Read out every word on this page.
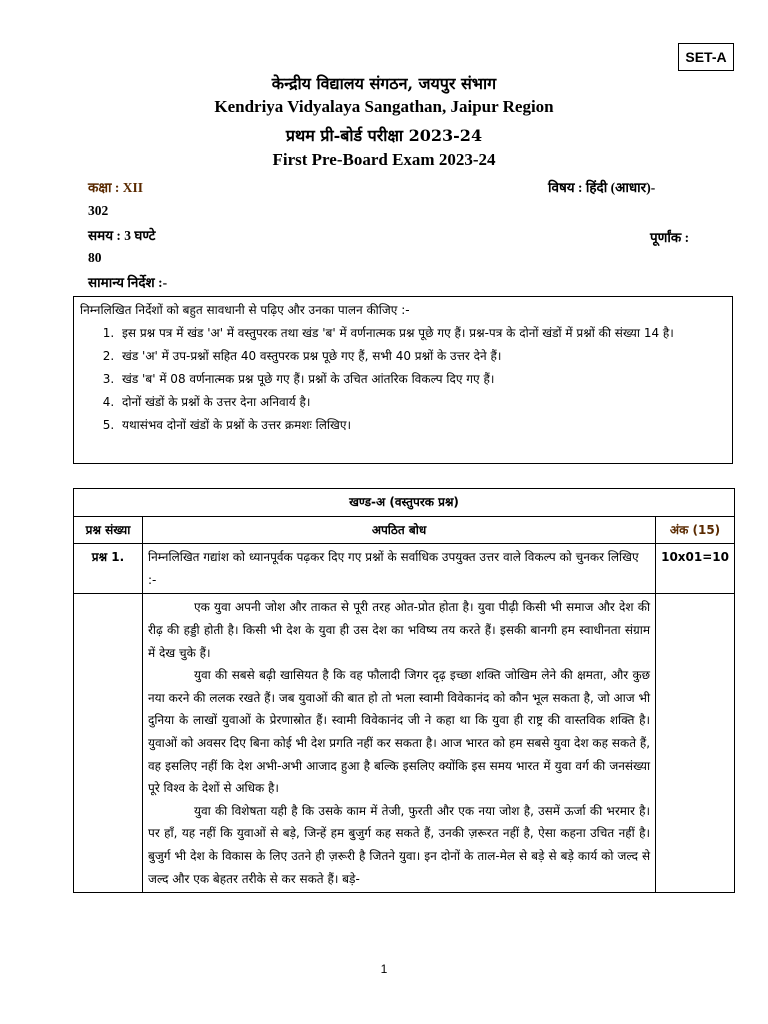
SET-A
केन्द्रीय विद्यालय संगठन, जयपुर संभाग
Kendriya Vidyalaya Sangathan, Jaipur Region
प्रथम प्री-बोर्ड परीक्षा 2023-24
First Pre-Board Exam 2023-24
कक्षा : XII	विषय : हिंदी (आधार)-
302
समय : 3 घण्टे	पूर्णांक :
80
सामान्य निर्देश :-
निम्नलिखित निर्देशों को बहुत सावधानी से पढ़िए और उनका पालन कीजिए :-
1. इस प्रश्न पत्र में खंड 'अ' में वस्तुपरक तथा खंड 'ब' में वर्णनात्मक प्रश्न पूछे गए हैं। प्रश्न-पत्र के दोनों खंडों में प्रश्नों की संख्या 14 है।
2. खंड 'अ' में उप-प्रश्नों सहित 40 वस्तुपरक प्रश्न पूछे गए हैं, सभी 40 प्रश्नों के उत्तर देने हैं।
3. खंड 'ब' में 08 वर्णनात्मक प्रश्न पूछे गए हैं। प्रश्नों के उचित आंतरिक विकल्प दिए गए हैं।
4. दोनों खंडों के प्रश्नों के उत्तर देना अनिवार्य है।
5. यथासंभव दोनों खंडों के प्रश्नों के उत्तर क्रमशः लिखिए।
खण्ड-अ (वस्तुपरक प्रश्न)		
प्रश्न संख्या	अपठित बोध	अंक (15)
प्रश्न 1.	निम्नलिखित गद्यांश को ध्यानपूर्वक पढ़कर दिए गए प्रश्नों के सर्वाधिक उपयुक्त उत्तर वाले विकल्प को चुनकर लिखिए :-	10x01=10

	एक युवा अपनी जोश और ताकत से पूरी तरह ओत-प्रोत होता है। युवा पीढ़ी किसी भी समाज और देश की रीढ़ की हड्डी होती है। किसी भी देश के युवा ही उस देश का भविष्य तय करते हैं। इसकी बानगी हम स्वाधीनता संग्राम में देख चुके हैं।

युवा की सबसे बढ़ी खासियत है कि वह फौलादी जिगर दृढ़ इच्छा शक्ति जोखिम लेने की क्षमता, और कुछ नया करने की ललक रखते हैं। जब युवाओं की बात हो तो भला स्वामी विवेकानंद को कौन भूल सकता है, जो आज भी दुनिया के लाखों युवाओं के प्रेरणास्रोत हैं। स्वामी विवेकानंद जी ने कहा था कि युवा ही राष्ट्र की वास्तविक शक्ति है। युवाओं को अवसर दिए बिना कोई भी देश प्रगति नहीं कर सकता है। आज भारत को हम सबसे युवा देश कह सकते हैं, वह इसलिए नहीं कि देश अभी-अभी आजाद हुआ है बल्कि इसलिए क्योंकि इस समय भारत में युवा वर्ग की जनसंख्या पूरे विश्व के देशों से अधिक है।

युवा की विशेषता यही है कि उसके काम में तेजी, फुरती और एक नया जोश है, उसमें ऊर्जा की भरमार है। पर हाँ, यह नहीं कि युवाओं से बड़े, जिन्हें हम बुजुर्ग कह सकते हैं, उनकी ज़रूरत नहीं है, ऐसा कहना उचित नहीं है। बुजुर्ग भी देश के विकास के लिए उतने ही ज़रूरी है जितने युवा। इन दोनों के ताल-मेल से बड़े से बड़े कार्य को जल्द से जल्द और एक बेहतर तरीके से कर सकते हैं। बड़े-	

1
